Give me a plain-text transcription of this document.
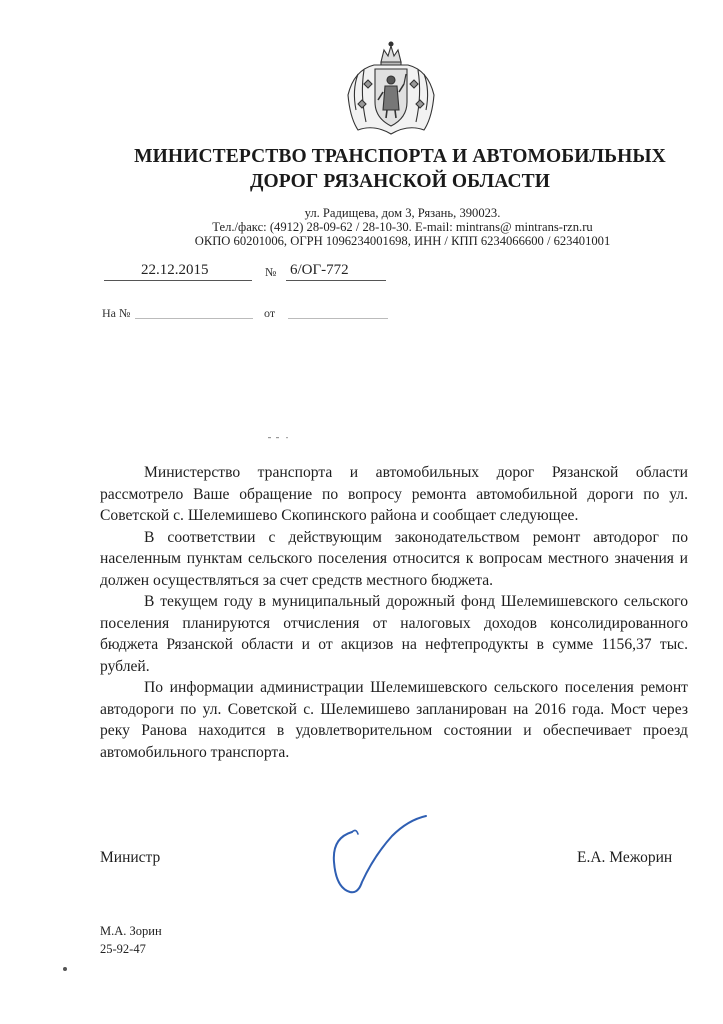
МИНИСТЕРСТВО ТРАНСПОРТА И АВТОМОБИЛЬНЫХ
ДОРОГ РЯЗАНСКОЙ ОБЛАСТИ
ул. Радищева, дом 3, Рязань, 390023.
Тел./факс: (4912) 28-09-62 / 28-10-30. E-mail: mintrans@ mintrans-rzn.ru
ОКПО 60201006, ОГРН 1096234001698, ИНН / КПП 6234066600 / 623401001
22.12.2015	№ 6/ОГ-772
На №	от

Министерство транспорта и автомобильных дорог Рязанской области рассмотрело Ваше обращение по вопросу ремонта автомобильной дороги по ул. Советской с. Шелемишево Скопинского района и сообщает следующее.

В соответствии с действующим законодательством ремонт автодорог по населенным пунктам сельского поселения относится к вопросам местного значения и должен осуществляться за счет средств местного бюджета.

В текущем году в муниципальный дорожный фонд Шелемишевского сельского поселения планируются отчисления от налоговых доходов консолидированного бюджета Рязанской области и от акцизов на нефтепродукты в сумме 1156,37 тыс. рублей.

По информации администрации Шелемишевского сельского поселения ремонт автодороги по ул. Советской с. Шелемишево запланирован на 2016 года. Мост через реку Ранова находится в удовлетворительном состоянии и обеспечивает проезд автомобильного транспорта.

Министр	Е.А. Межорин
М.А. Зорин
25-92-47
